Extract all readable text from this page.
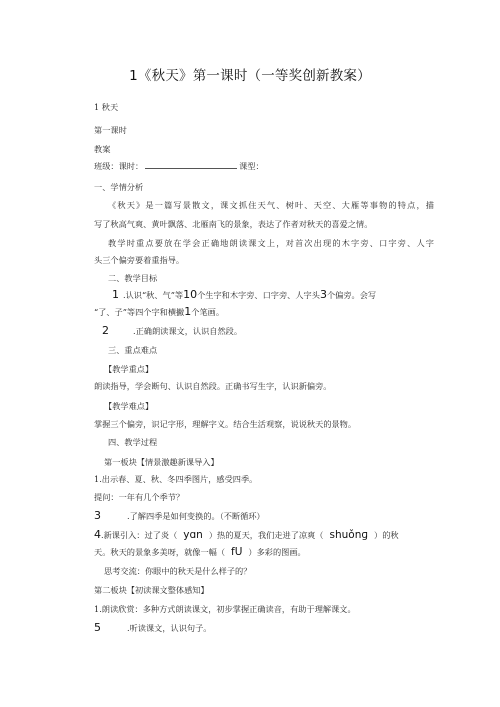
1《秋天》第一课时（一等奖创新教案）
1 秋天
第一课时
教案
班级：课时：	课型：
一、学情分析
《秋天》是一篇写景散文，课文抓住天气、树叶、天空、大雁等事物的特点，描
写了秋高气爽、黄叶飘落、北雁南飞的景象，表达了作者对秋天的喜爱之情。
教学时重点要放在学会正确地朗读课文上，对首次出现的木字旁、口字旁、人字
头三个偏旁要着重指导。
二、教学目标
1 .认识“秋、气”等10个生字和木字旁、口字旁、人字头3个偏旁。会写
“了、子”等四个字和横撇1个笔画。
2	.正确朗读课文，认识自然段。
三、重点难点
【教学重点】
朗读指导，学会断句、认识自然段。正确书写生字，认识新偏旁。
【教学难点】
掌握三个偏旁，识记字形，理解字义。结合生活观察，说说秋天的景物。
四、教学过程
第一板块【情景激趣新课导入】
1.出示春、夏、秋、冬四季图片，感受四季。
提问：一年有几个季节？
3	.了解四季是如何变换的。（不断循环）
4.新课引入：过了炎（ yɑn ）热的夏天，我们走进了凉爽（ shuǒnɡ ）的秋
天。秋天的景象多美呀，就像一幅（ fU ）多彩的图画。
思考交流：你眼中的秋天是什么样子的？
第二板块【初读课文整体感知】
1.朗读欣赏：多种方式朗读课文，初步掌握正确读音，有助于理解课文。
5	.听读课文，认识句子。
